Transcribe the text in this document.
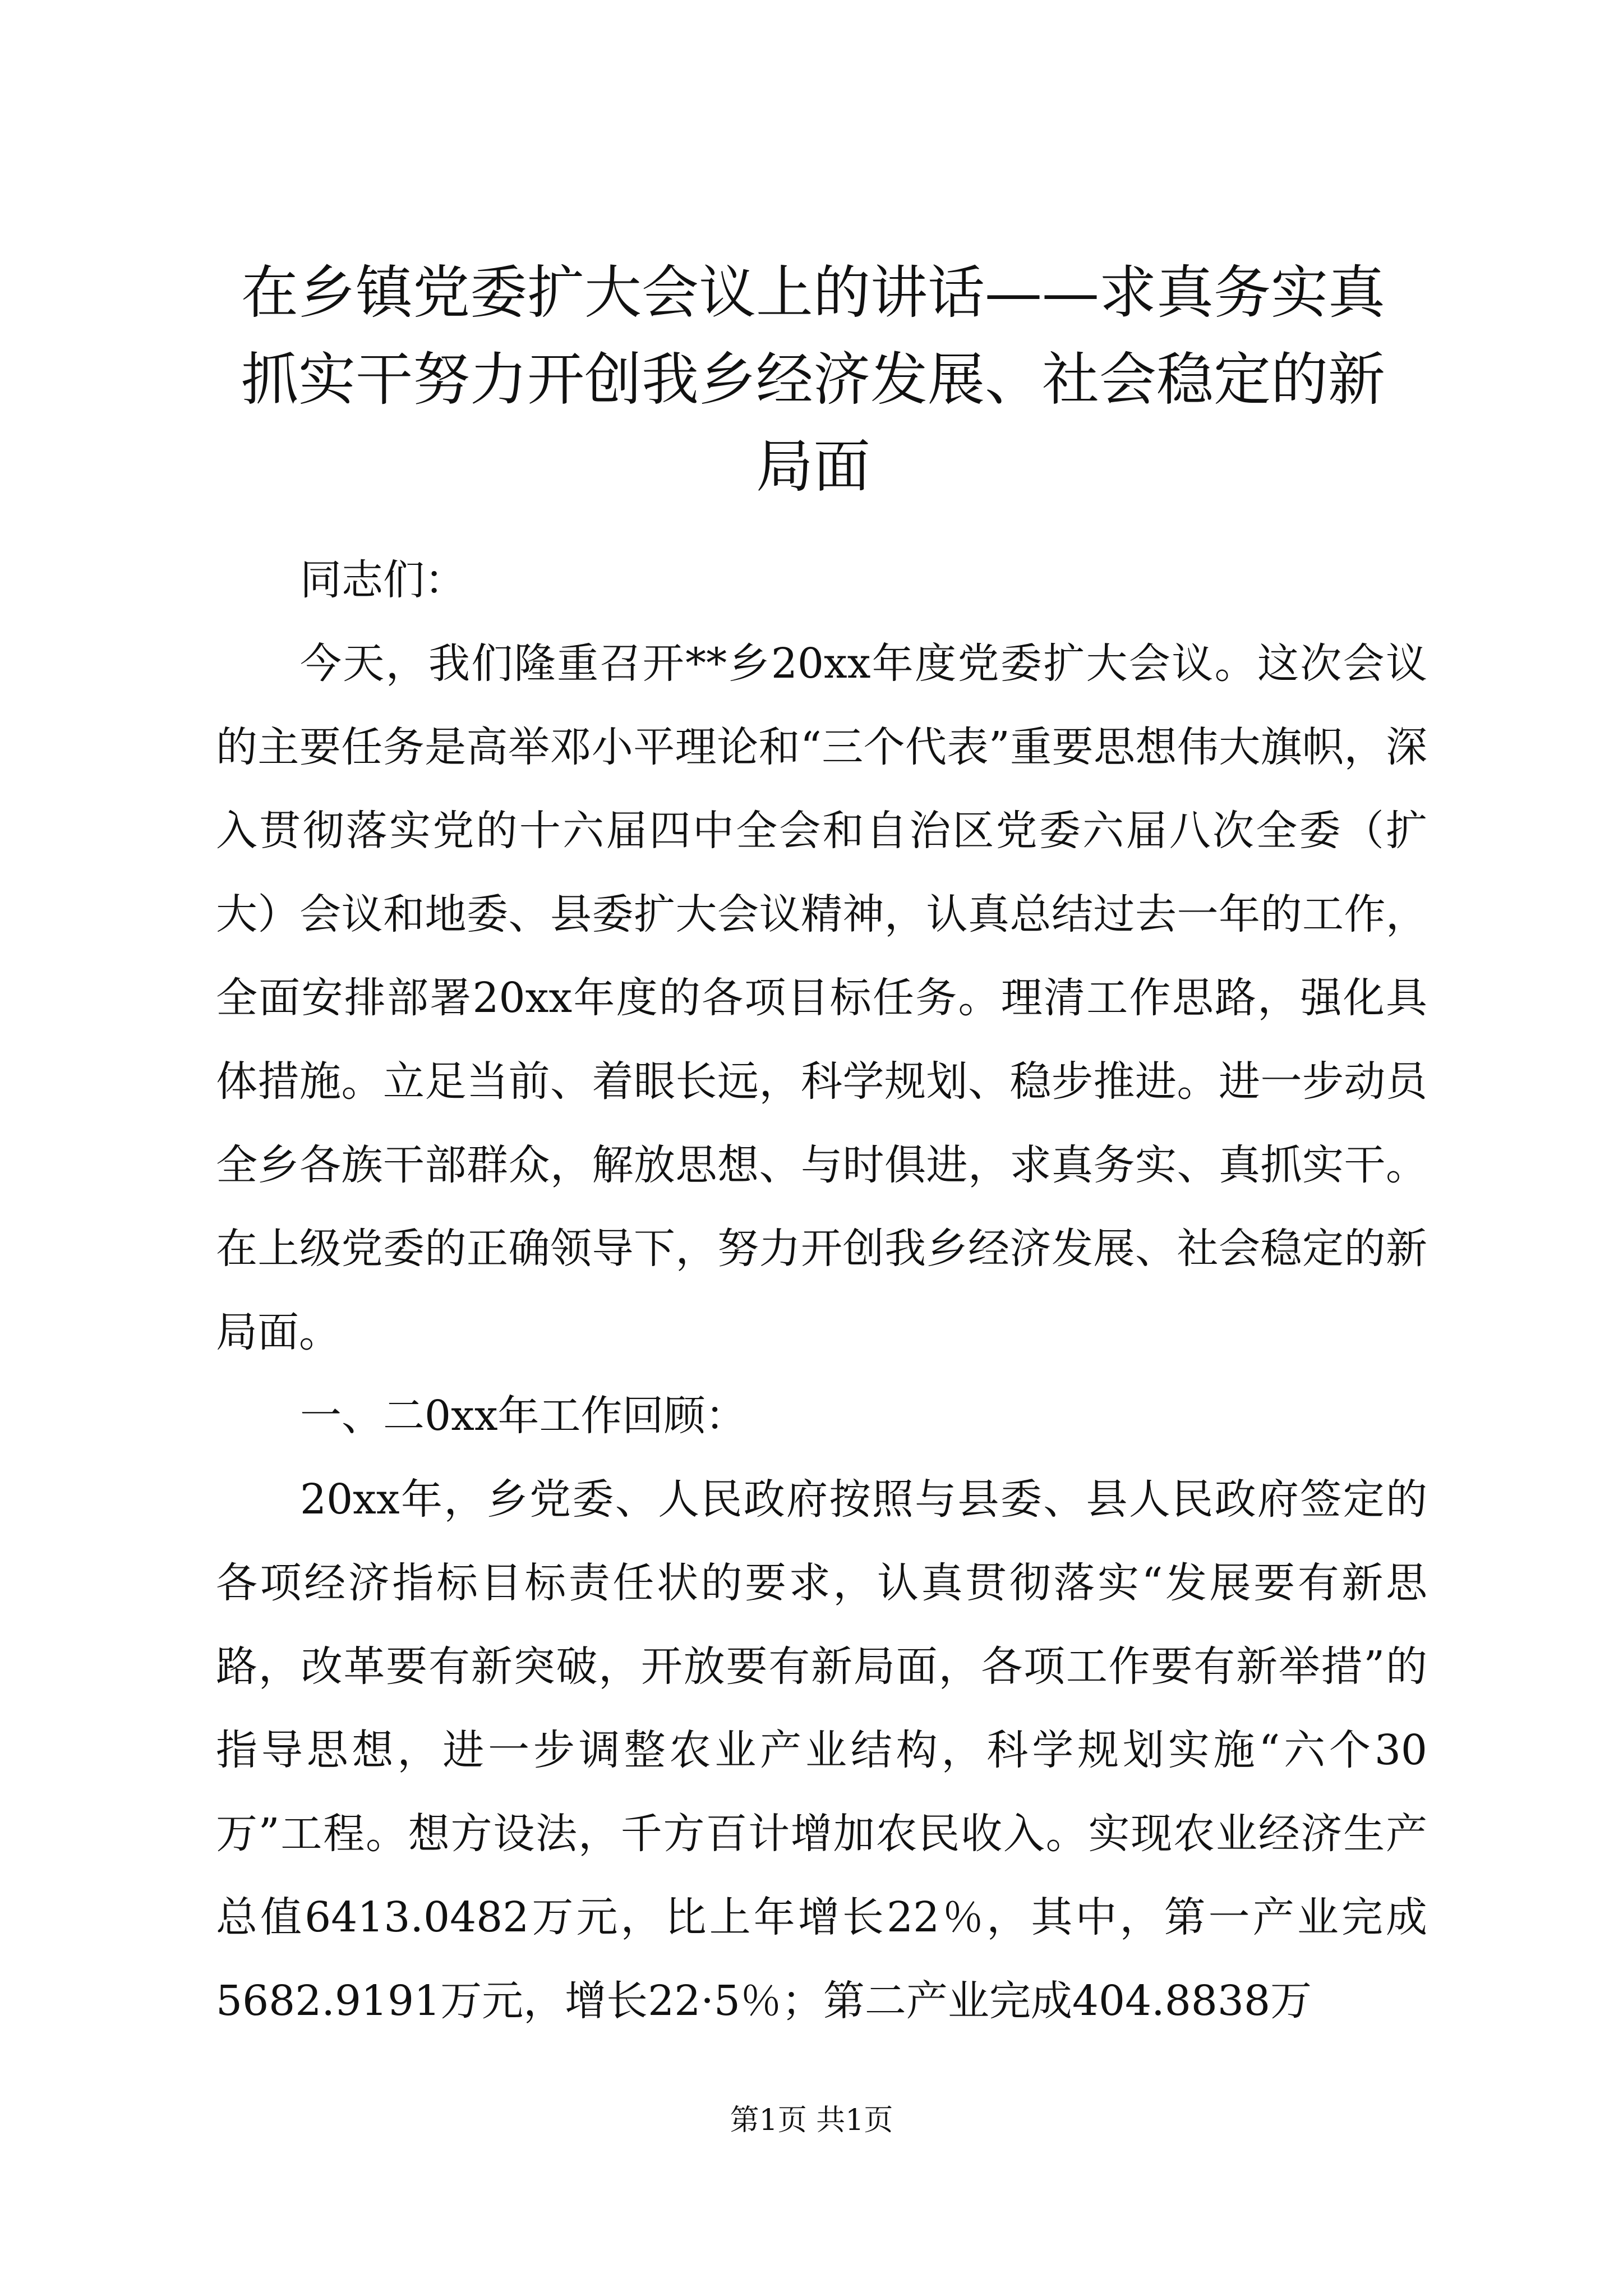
在乡镇党委扩大会议上的讲话——求真务实真
抓实干努力开创我乡经济发展、社会稳定的新
局面

同志们：

今天，我们隆重召开**乡20xx年度党委扩大会议。这次会议的主要任务是高举邓小平理论和“三个代表”重要思想伟大旗帜，深入贯彻落实党的十六届四中全会和自治区党委六届八次全委（扩大）会议和地委、县委扩大会议精神，认真总结过去一年的工作，全面安排部署20xx年度的各项目标任务。理清工作思路，强化具体措施。立足当前、着眼长远，科学规划、稳步推进。进一步动员全乡各族干部群众，解放思想、与时俱进，求真务实、真抓实干。在上级党委的正确领导下，努力开创我乡经济发展、社会稳定的新局面。

一、二0xx年工作回顾：

20xx年，乡党委、人民政府按照与县委、县人民政府签定的各项经济指标目标责任状的要求，认真贯彻落实“发展要有新思路，改革要有新突破，开放要有新局面，各项工作要有新举措”的指导思想，进一步调整农业产业结构，科学规划实施“六个30万”工程。想方设法，千方百计增加农民收入。实现农业经济生产总值6413.0482万元，比上年增长22％，其中，第一产业完成5682.9191万元，增长22·5％；第二产业完成404.8838万

第1页 共1页
